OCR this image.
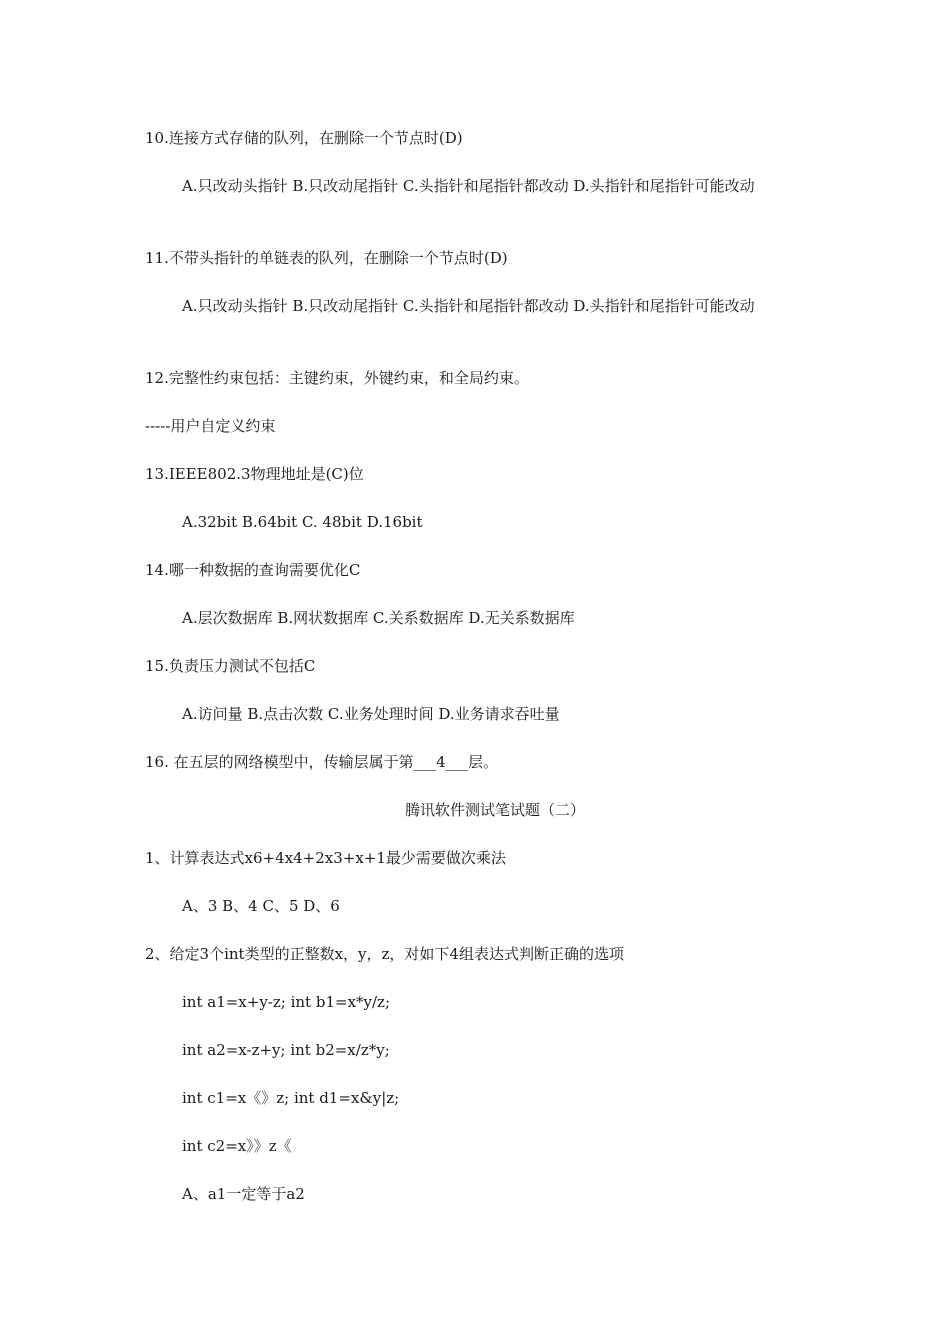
10.连接方式存储的队列，在删除一个节点时(D)
A.只改动头指针 B.只改动尾指针 C.头指针和尾指针都改动 D.头指针和尾指针可能改动
11.不带头指针的单链表的队列，在删除一个节点时(D)
A.只改动头指针 B.只改动尾指针 C.头指针和尾指针都改动 D.头指针和尾指针可能改动
12.完整性约束包括：主键约束，外键约束，和全局约束。
-----用户自定义约束
13.IEEE802.3物理地址是(C)位
A.32bit B.64bit C. 48bit D.16bit
14.哪一种数据的查询需要优化C
A.层次数据库 B.网状数据库 C.关系数据库 D.无关系数据库
15.负责压力测试不包括C
A.访问量 B.点击次数 C.业务处理时间 D.业务请求吞吐量
16. 在五层的网络模型中，传输层属于第___4___层。
腾讯软件测试笔试题（二）
1、计算表达式x6+4x4+2x3+x+1最少需要做次乘法
A、3 B、4 C、5 D、6
2、给定3个int类型的正整数x，y，z，对如下4组表达式判断正确的选项
int a1=x+y-z; int b1=x*y/z;
int a2=x-z+y; int b2=x/z*y;
int c1=x《》z; int d1=x&y|z;
int c2=x》》z《
A、a1一定等于a2
